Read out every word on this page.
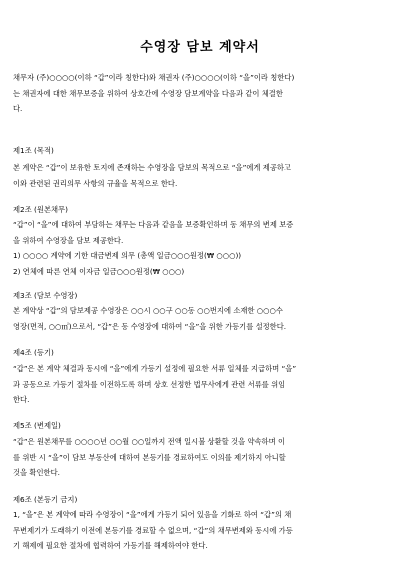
수영장 담보 계약서
채무자 (주)○○○○(이하 “갑”이라 칭한다)와 채권자 (주)○○○○(이하 “을”이라 칭한다)
는 채권자에 대한 채무보증을 위하여 상호간에 수영장 담보계약을 다음과 같이 체결한
다.
제1조 (목적)
본 계약은 “갑”이 보유한 토지에 존재하는 수영장을 담보의 목적으로 “을”에게 제공하고
이와 관련된 권리의무 사항의 규율을 목적으로 한다.
제2조 (원본채무)
“갑”이 “을”에 대하여 부담하는 채무는 다음과 같음을 보증확인하며 동 채무의 변제 보증
을 위하여 수영장을 담보 제공한다.
1) ○○○○ 계약에 기한 대금변제 의무 (총액 일금○○○원정(₩ ○○○))
2) 연체에 따른 연체 이자금 일금○○○원정(₩ ○○○)
제3조 (담보 수영장)
본 계약상 “갑”의 담보제공 수영장은 ○○시 ○○구 ○○동 ○○번지에 소재한 ○○○수
영장(면적, ○○㎡)으로서, “갑”은 동 수영장에 대하여 “을”을 위한 가등기를 설정한다.
제4조 (등기)
“갑”은 본 계약 체결과 동시에 “을”에게 가등기 설정에 필요한 서류 일체를 지급하며 “을”
과 공동으로 가등기 절차를 이전하도록 하며 상호 선정한 법무사에게 관련 서류를 위임
한다.
제5조 (변제일)
“갑”은 원본채무를 ○○○○년 ○○월 ○○일까지 전액 일시불 상환할 것을 약속하며 이
를 위반 시 “을”이 담보 부동산에 대하여 본등기를 경료하여도 이의를 제기하지 아니할
것을 확인한다.
제6조 (본등기 금지)
1, “을”은 본 계약에 따라 수영장이 “을”에게 가등기 되어 있음을 기화로 하여 “갑”의 채
무변제기가 도래하기 이전에 본등기를 경료할 수 없으며, “갑”의 채무변제와 동시에 가등
기 해제에 필요한 절차에 협력하여 가등기를 해제하여야 한다.
